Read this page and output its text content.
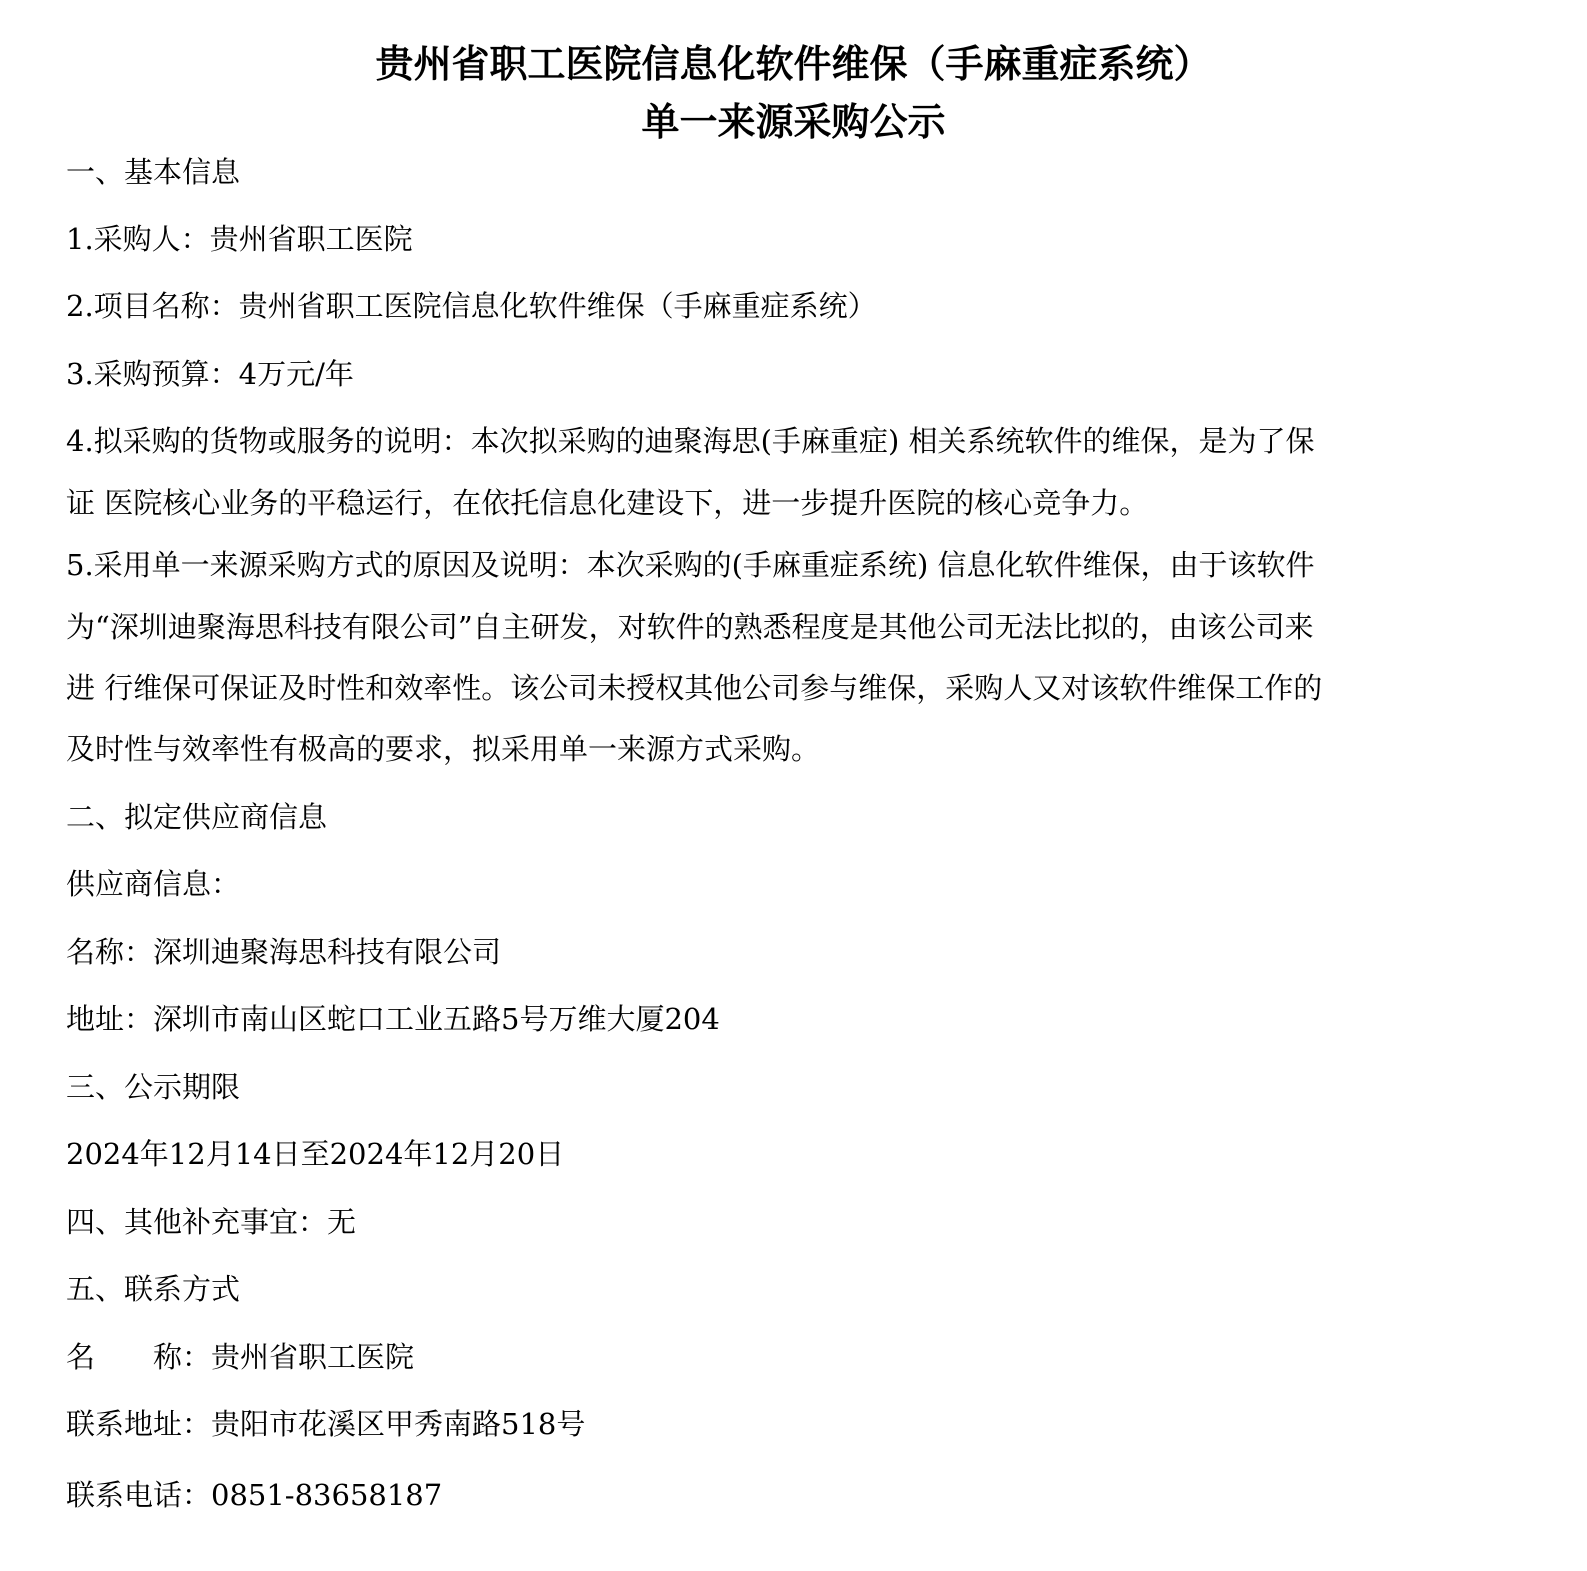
贵州省职工医院信息化软件维保（手麻重症系统）
单一来源采购公示
一、基本信息
1.采购人：贵州省职工医院
2.项目名称：贵州省职工医院信息化软件维保（手麻重症系统）
3.采购预算：4万元/年
4.拟采购的货物或服务的说明：本次拟采购的迪聚海思(手麻重症) 相关系统软件的维保，是为了保
证 医院核心业务的平稳运行，在依托信息化建设下，进一步提升医院的核心竞争力。
5.采用单一来源采购方式的原因及说明：本次采购的(手麻重症系统) 信息化软件维保，由于该软件
为“深圳迪聚海思科技有限公司”自主研发，对软件的熟悉程度是其他公司无法比拟的，由该公司来
进 行维保可保证及时性和效率性。该公司未授权其他公司参与维保，采购人又对该软件维保工作的
及时性与效率性有极高的要求，拟采用单一来源方式采购。
二、拟定供应商信息
供应商信息：
名称：深圳迪聚海思科技有限公司
地址：深圳市南山区蛇口工业五路5号万维大厦204
三、公示期限
2024年12月14日至2024年12月20日
四、其他补充事宜：无
五、联系方式
名　　称：贵州省职工医院
联系地址：贵阳市花溪区甲秀南路518号
联系电话：0851-83658187
